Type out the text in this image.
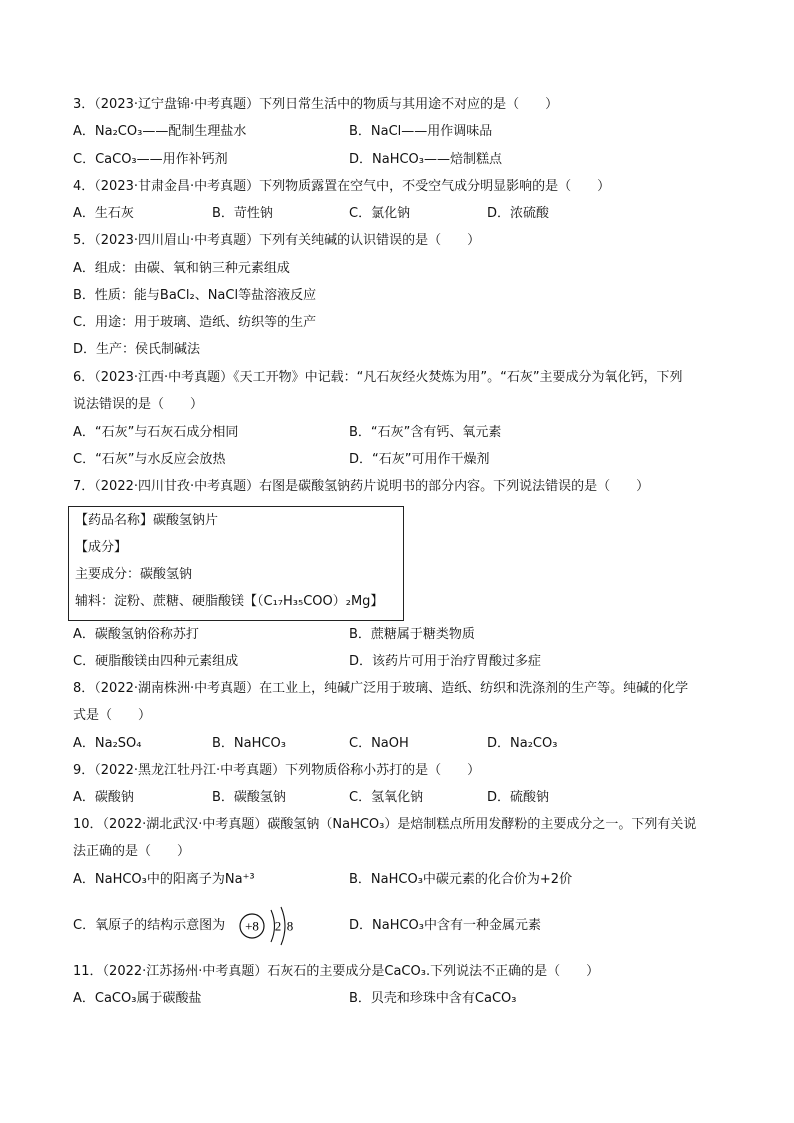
3．（2023·辽宁盘锦·中考真题）下列日常生活中的物质与其用途不对应的是（　　）
A．Na₂CO₃——配制生理盐水	B．NaCl——用作调味品
C．CaCO₃——用作补钙剂	D．NaHCO₃——焙制糕点
4．（2023·甘肃金昌·中考真题）下列物质露置在空气中，不受空气成分明显影响的是（　　）
A．生石灰	B．苛性钠	C．氯化钠	D．浓硫酸
5．（2023·四川眉山·中考真题）下列有关纯碱的认识错误的是（　　）
A．组成：由碳、氧和钠三种元素组成
B．性质：能与BaCl₂、NaCl等盐溶液反应
C．用途：用于玻璃、造纸、纺织等的生产
D．生产：侯氏制碱法
6．（2023·江西·中考真题）《天工开物》中记载：“凡石灰经火焚炼为用”。“石灰”主要成分为氧化钙，下列
说法错误的是（　　）
A．“石灰”与石灰石成分相同	B．“石灰”含有钙、氧元素
C．“石灰”与水反应会放热	D．“石灰”可用作干燥剂
7．（2022·四川甘孜·中考真题）右图是碳酸氢钠药片说明书的部分内容。下列说法错误的是（　　）
【药品名称】碳酸氢钠片
【成分】
主要成分：碳酸氢钠
辅料：淀粉、蔗糖、硬脂酸镁【（C₁₇H₃₅COO）₂Mg】
A．碳酸氢钠俗称苏打	B．蔗糖属于糖类物质
C．硬脂酸镁由四种元素组成	D．该药片可用于治疗胃酸过多症
8．（2022·湖南株洲·中考真题）在工业上，纯碱广泛用于玻璃、造纸、纺织和洗涤剂的生产等。纯碱的化学
式是（　　）
A．Na₂SO₄	B．NaHCO₃	C．NaOH	D．Na₂CO₃
9．（2022·黑龙江牡丹江·中考真题）下列物质俗称小苏打的是（　　）
A．碳酸钠	B．碳酸氢钠	C．氢氧化钠	D．硫酸钠
10．（2022·湖北武汉·中考真题）碳酸氢钠（NaHCO₃）是焙制糕点所用发酵粉的主要成分之一。下列有关说
法正确的是（　　）
A．NaHCO₃中的阳离子为Na⁺³	B．NaHCO₃中碳元素的化合价为+2价
C．氧原子的结构示意图为 +8 2 8	D．NaHCO₃中含有一种金属元素
11．（2022·江苏扬州·中考真题）石灰石的主要成分是CaCO₃.下列说法不正确的是（　　）
A．CaCO₃属于碳酸盐	B．贝壳和珍珠中含有CaCO₃
